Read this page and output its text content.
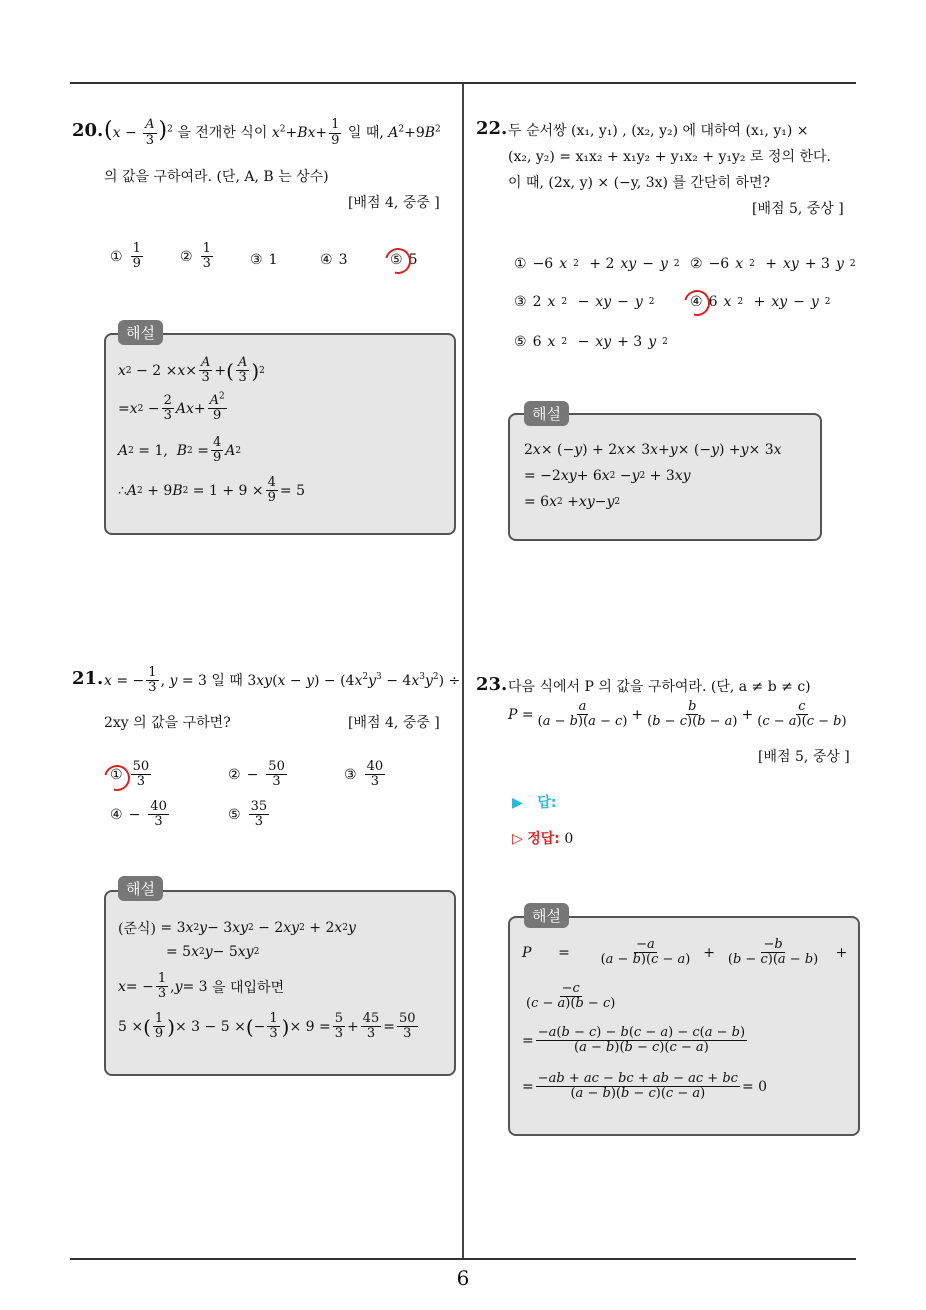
6
20. $(x - \frac{A}{3} )^2$ 을 전개한 식이 $x^2+Bx+ \frac{1}{9}$ 일 때, $A^2+9B^2$
의 값을 구하여라. (단, A, B 는 상수)
[배점 4, 중중 ]
① $\frac{1}{9}$	② $\frac{1}{3}$	③ 1	④ 3	⑤ 5
해설
x $2 - 2 \times x \times \frac{A}{3}$ + ( $\frac{A}{3}$ ) 2
= x $2 - \frac{2}{3}$ $Ax + \frac{A^2}{9}$
A 2 = 1, B $2 = \frac{4}{9}$ A 2
∴ A 2 + 9 B $2 = 1 + 9 \times \frac{4}{9} = 5$
21. x = − $\frac{1}{3}$ , y = 3 일 때 $3xy(x - y) - (4x^2y^3 - 4x^3y^2)$ ÷
2xy 의 값을 구하면?	[배점 4, 중중 ]
① $\frac{50}{3}$	② − $\frac{50}{3}$	③ $\frac{40}{3}$
④ − $\frac{40}{3}$	⑤ $\frac{35}{3}$
해설
(준식) = 3 x 2 y − 3 xy 2 − 2 xy 2 + 2 x 2 y
= 5 x 2 y − 5 xy 2
x = − $\frac{1}{3}$ , y = 3 을 대입하면
5 × ( $\frac{1}{9}$ ) × 3 − 5 × ( − $\frac{1}{3}$ ) × $9 = \frac{5}{3} + \frac{45}{3} = \frac{50}{3}$
22. 두 순서쌍 (x₁, y₁) , (x₂, y₂) 에 대하여 (x₁, y₁) ×
(x₂, y₂) = x₁x₂ + x₁y₂ + y₁x₂ + y₁y₂ 로 정의 한다.
이 때, (2x, y) × (−y, 3x) 를 간단히 하면?
[배점 5, 중상 ]
① −6 x 2 + 2 xy − y 2 ② −6 x 2 + xy + 3 y 2
③ 2 x 2 − xy − y 2	④ 6 x 2 + xy − y 2
⑤ 6 x 2 − xy + 3 y 2
해설
2 x × (− y ) + 2 x × 3 x + y × (− y ) + y × 3 x
= −2 xy + 6 x 2 − y 2 + 3 xy
= 6 x 2 + xy − y 2
23. 다음 식에서 P 의 값을 구하여라. (단, a ≠ b ≠ c)
$P = \frac{a}{(a - b)(a - c)} + \frac{b}{(b - c)(b - a)} + \frac{c}{(c - a)(c - b)}$
[배점 5, 중상 ]
▶ 답:
▷ 정답: 0
해설
$P = \frac{-a}{(a - b)(c - a)} + \frac{-b}{(b - c)(a - b)}$ +
$\frac{-c}{(c - a)(b - c)}$
= $\frac{-a(b - c) - b(c - a) - c(a - b)}{(a - b)(b - c)(c - a)}$
= $\frac{-ab + ac - bc + ab - ac + bc}{(a - b)(b - c)(c - a)} = 0$
